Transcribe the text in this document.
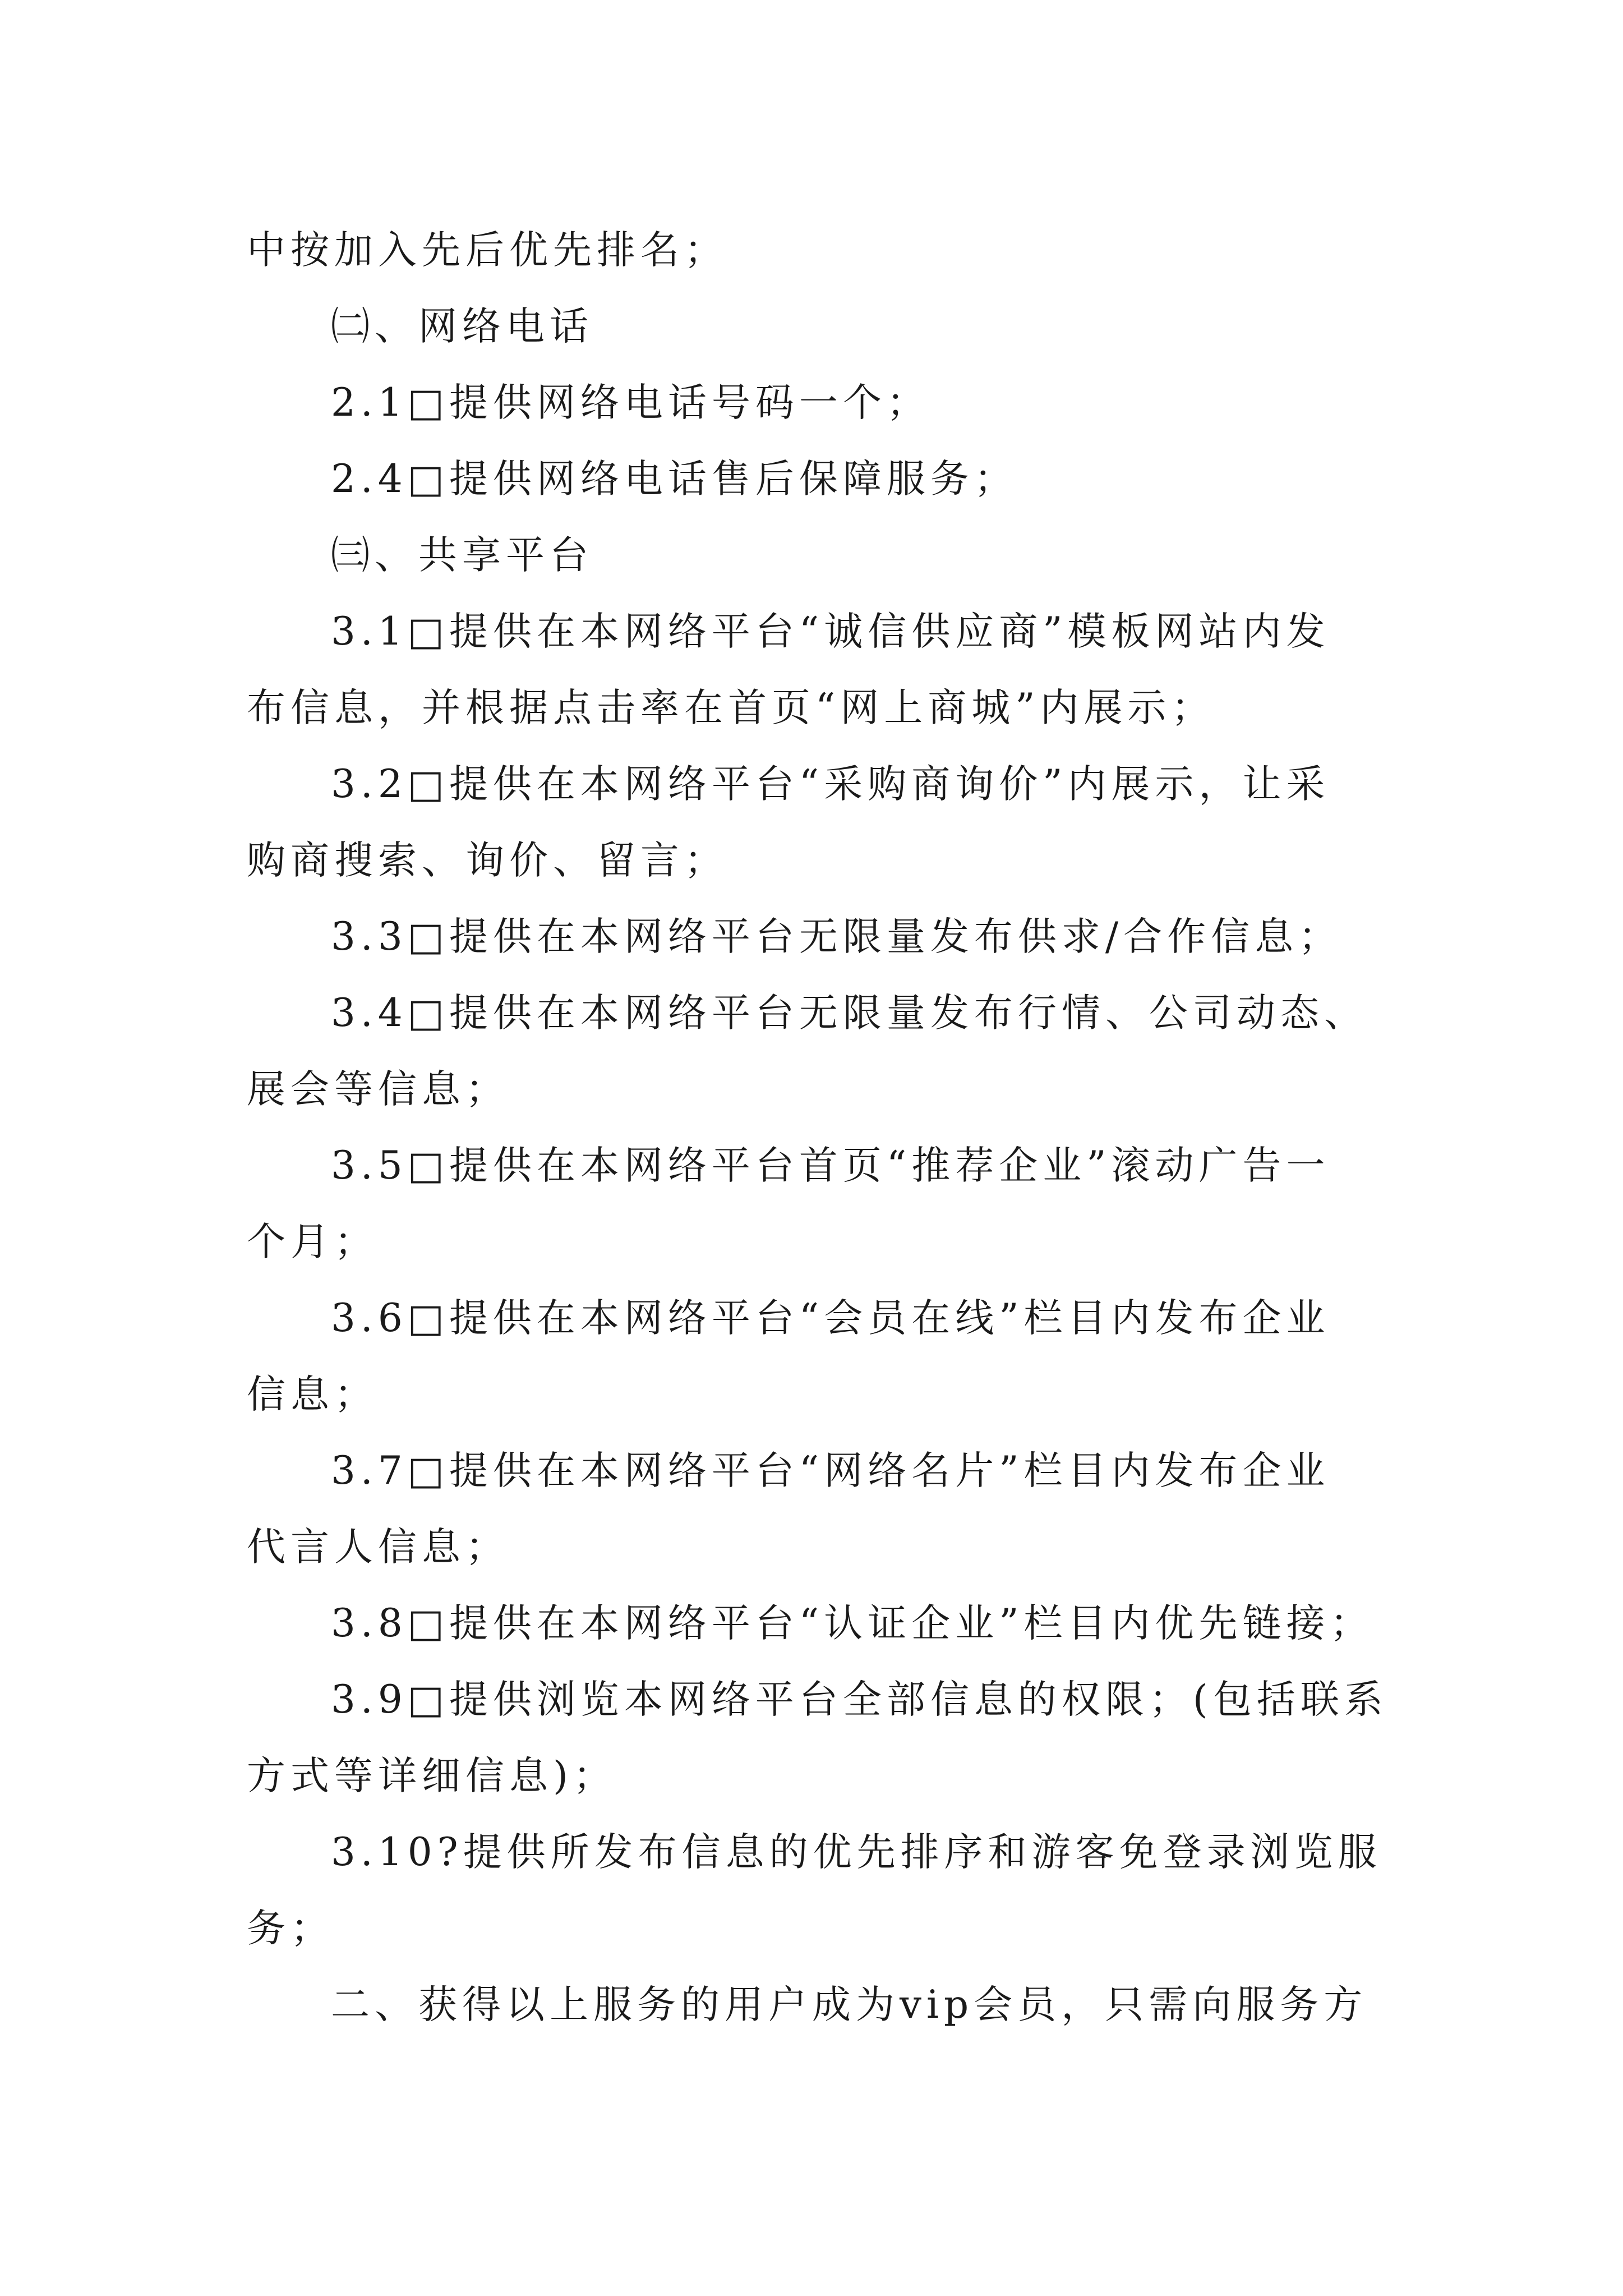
中按加入先后优先排名；
㈡、网络电话
2.1□提供网络电话号码一个；
2.4□提供网络电话售后保障服务；
㈢、共享平台
3.1□提供在本网络平台“诚信供应商”模板网站内发
布信息，并根据点击率在首页“网上商城”内展示；
3.2□提供在本网络平台“采购商询价”内展示，让采
购商搜索、询价、留言；
3.3□提供在本网络平台无限量发布供求/合作信息；
3.4□提供在本网络平台无限量发布行情、公司动态、
展会等信息；
3.5□提供在本网络平台首页“推荐企业”滚动广告一
个月；
3.6□提供在本网络平台“会员在线”栏目内发布企业
信息；
3.7□提供在本网络平台“网络名片”栏目内发布企业
代言人信息；
3.8□提供在本网络平台“认证企业”栏目内优先链接；
3.9□提供浏览本网络平台全部信息的权限；(包括联系
方式等详细信息)；
3.10?提供所发布信息的优先排序和游客免登录浏览服
务；
二、获得以上服务的用户成为vip会员，只需向服务方
